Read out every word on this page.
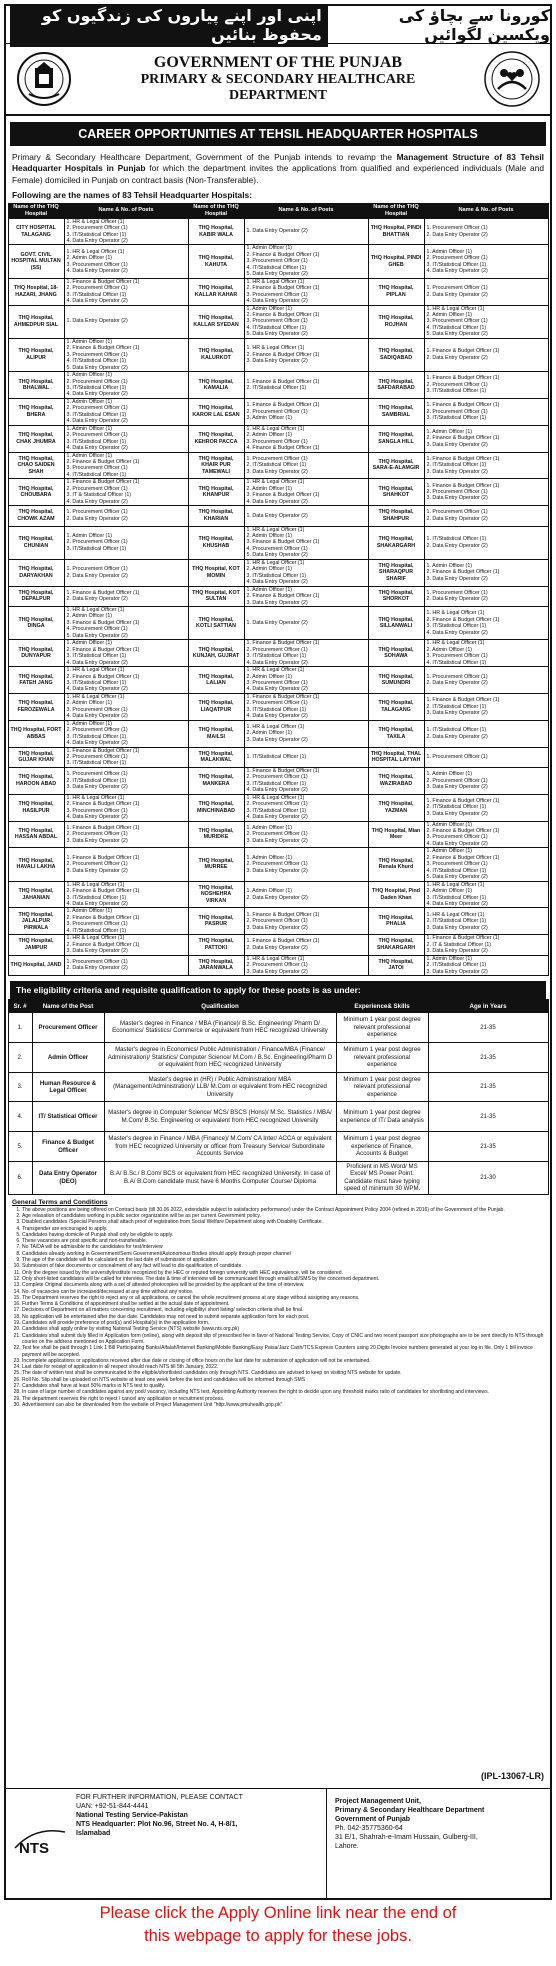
کورونا سے بچاؤ کی ویکسین لگوائیں
اپنی اور اپنے پیاروں کی زندگیوں کو محفوظ بنائیں
GOVERNMENT OF THE PUNJAB
PRIMARY & SECONDARY HEALTHCARE
DEPARTMENT
CAREER OPPORTUNITIES AT TEHSIL HEADQUARTER HOSPITALS
Primary & Secondary Healthcare Department, Government of the Punjab intends to revamp the Management Structure of 83 Tehsil Headquarter Hospitals in Punjab for which the department invites the applications from qualified and experienced individuals (Male and Female) domiciled in Punjab on contract basis (Non-Transferable).
Following are the names of 83 Tehsil Headquarter Hospitals:
Name of the THQ Hospital	Name & No. of Posts	Name of the THQ Hospital	Name & No. of Posts	Name of the THQ Hospital	Name & No. of Posts
CITY HOSPITAL TALAGANG	1. HR & Legal Officer (1)
2. Procurement Officer (1)
3. IT/Statistical Officer (1)
4. Data Entry Operator (2)	THQ Hospital, KABIR WALA	1. Data Entry Operator (2)	THQ Hospital, PINDI BHATTIAN	1. Procurement Officer (1)
2. Data Entry Operator (2)
GOVT. CIVIL HOSPITAL MULTAN (SS)	1. HR & Legal Officer (1)
2. Admin Officer (1)
3. Procurement Officer (1)
4. Data Entry Operator (2)	THQ Hospital, KAHUTA	1. Admin Officer (1)
2. Finance & Budget Officer (1)
3. Procurement Officer (1)
4. IT/Statistical Officer (1)
5. Data Entry Operator (2)	THQ Hospital, PINDI GHEB	1. Admin Officer (1)
2. Procurement Officer (1)
3. IT/Statistical Officer (1)
4. Data Entry Operator (2)
THQ Hospital, 18-HAZARI, JHANG	1. Finance & Budget Officer (1)
2. Procurement Officer (1)
3. IT/Statistical Officer (1)
4. Data Entry Operator (2)	THQ Hospital, KALLAR KAHAR	1. HR & Legal Officer (1)
2. Finance & Budget Officer (1)
3. Procurement Officer (1)
4. Data Entry Operator (2)	THQ Hospital, PIPLAN	1. Procurement Officer (1)
2. Data Entry Operator (2)
THQ Hospital, AHMEDPUR SIAL	1. Data Entry Operator (2)	THQ Hospital, KALLAR SYEDAN	1. Admin Officer (1)
2. Finance & Budget Officer (1)
3. Procurement Officer (1)
4. IT/Statistical Officer (1)
5. Data Entry Operator (2)	THQ Hospital, ROJHAN	1. HR & Legal Officer (1)
2. Admin Officer (1)
3. Procurement Officer (1)
4. IT/Statistical Officer (1)
5. Data Entry Operator (2)
THQ Hospital, ALIPUR	1. Admin Officer (1)
2. Finance & Budget Officer (1)
3. Procurement Officer (1)
4. IT/Statistical Officer (1)
5. Data Entry Operator (2)	THQ Hospital, KALURKOT	1. HR & Legal Officer (1)
2. Finance & Budget Officer (1)
3. Data Entry Operator (2)	THQ Hospital, SADIQABAD	1. Finance & Budget Officer (1)
2. Data Entry Operator (2)
THQ Hospital, BHALWAL	1. Admin Officer (1)
2. Procurement Officer (1)
3. IT/Statistical Officer (1)
4. Data Entry Operator (2)	THQ Hospital, KAMALIA	1. Finance & Budget Officer (1)
2. IT/Statistical Officer (1)	THQ Hospital, SAFDARABAD	1. Finance & Budget Officer (1)
2. Procurement Officer (1)
3. IT/Statistical Officer (1)
THQ Hospital, BHERA	1. Admin Officer (1)
2. Procurement Officer (1)
3. IT/Statistical Officer (1)
4. Data Entry Operator (2)	THQ Hospital, KAROR LAL ESAN	1. Finance & Budget Officer (1)
2. Procurement Officer (1)
3. Admin Officer (1)	THQ Hospital, SAMBRIAL	1. Finance & Budget Officer (1)
2. Procurement Officer (1)
3. IT/Statistical Officer (1)
THQ Hospital, CHAK JHUMRA	1. Admin Officer (1)
2. Procurement Officer (1)
3. IT/Statistical Officer (1)
4. Data Entry Operator (2)	THQ Hospital, KEHROR PACCA	1. HR & Legal Officer (1)
2. Admin Officer (1)
3. Procurement Officer (1)
4. Finance & Budget Officer (1)	THQ Hospital, SANGLA HILL	1. Admin Officer (1)
2. Finance & Budget Officer (1)
3. Data Entry Operator (2)
THQ Hospital, CHAO SAIDEN SHAH	1. Admin Officer (1)
2. Finance & Budget Officer (1)
3. Procurement Officer (1)
4. IT/Statistical Officer (1)	THQ Hospital, KHAIR PUR TAMEWALI	1. Procurement Officer (1)
2. IT/Statistical Officer (1)
3. Data Entry Operator (2)	THQ Hospital, SARA-E-ALAMGIR	1. Finance & Budget Officer (1)
2. IT/Statistical Officer (1)
3. Data Entry Operator (2)
THQ Hospital, CHOUBARA	1. Finance & Budget Officer (1)
2. Procurement Officer (1)
3. IT & Statistical Officer (1)
4. Data Entry Operator (2)	THQ Hospital, KHANPUR	1. HR & Legal Officer (1)
2. Admin Officer (1)
3. Finance & Budget Officer (1)
4. Data Entry Operator (2)	THQ Hospital, SHAHKOT	1. Finance & Budget Officer (1)
2. Procurement Officer (1)
3. Data Entry Operator (2)
THQ Hospital, CHOWK AZAM	1. Procurement Officer (1)
2. Data Entry Operator (2)	THQ Hospital, KHARIAN	1. Data Entry Operator (2)	THQ Hospital, SHAHPUR	1. Procurement Officer (1)
2. Data Entry Operator (2)
THQ Hospital, CHUNIAN	1. Admin Officer (1)
2. Procurement Officer (1)
3. IT/Statistical Officer (1)	THQ Hospital, KHUSHAB	1. HR & Legal Officer (1)
2. Admin Officer (1)
3. Finance & Budget Officer (1)
4. Procurement Officer (1)
5. Data Entry Operator (2)	THQ Hospital, SHAKARGARH	1. IT/Statistical Officer (1)
2. Data Entry Operator (2)
THQ Hospital, DARYAKHAN	1. Procurement Officer (1)
2. Data Entry Operator (2)	THQ Hospital, KOT MOMIN	1. HR & Legal Officer (1)
2. Admin Officer (1)
3. IT/Statistical Officer (1)
4. Data Entry Operator (2)	THQ Hospital, SHARAQPUR SHARIF	1. Admin Officer (1)
2. Finance & Budget Officer (1)
3. Data Entry Operator (2)
THQ Hospital, DEPALPUR	1. Finance & Budget Officer (1)
2. Data Entry Operator (2)	THQ Hospital, KOT SULTAN	1. Admin Officer (1)
2. Finance & Budget Officer (1)
3. Data Entry Operator (2)	THQ Hospital, SHORKOT	1. Procurement Officer (1)
2. Data Entry Operator (2)
THQ Hospital, DINGA	1. HR & Legal Officer (1)
2. Admin Officer (1)
3. Finance & Budget Officer (1)
4. Procurement Officer (1)
5. Data Entry Operator (2)	THQ Hospital, KOTLI SATTIAN	1. Data Entry Operator (2)	THQ Hospital, SILLANWALI	1. HR & Legal Officer (1)
2. Finance & Budget Officer (1)
3. IT/Statistical Officer (1)
4. Data Entry Operator (2)
THQ Hospital, DUNYAPUR	1. Admin Officer (1)
2. Finance & Budget Officer (1)
3. IT/Statistical Officer (1)
4. Data Entry Operator (2)	THQ Hospital, KUNJAH, GUJRAT	1. Finance & Budget Officer (1)
2. Procurement Officer (1)
3. IT/Statistical Officer (1)
4. Data Entry Operator (2)	THQ Hospital, SOHAWA	1. HR & Legal Officer (1)
2. Admin Officer (1)
3. Procurement Officer (1)
4. IT/Statistical Officer (1)
THQ Hospital, FATEH JANG	1. HR & Legal Officer (1)
2. Finance & Budget Officer (1)
3. IT/Statistical Officer (1)
4. Data Entry Operator (2)	THQ Hospital, LALIAN	1. HR & Legal Officer (1)
2. Admin Officer (1)
3. Procurement Officer (1)
4. Data Entry Operator (2)	THQ Hospital, SUMUNDRI	1. Procurement Officer (1)
2. Data Entry Operator (2)
THQ Hospital, FEROZEWALA	1. HR & Legal Officer (1)
2. Admin Officer (1)
3. Procurement Officer (1)
4. Data Entry Operator (2)	THQ Hospital, LIAQATPUR	1. Finance & Budget Officer (1)
2. Procurement Officer (1)
3. IT/Statistical Officer (1)
4. Data Entry Operator (2)	THQ Hospital, TALAGANG	1. Finance & Budget Officer (1)
2. IT/Statistical Officer (1)
3. Data Entry Operator (2)
THQ Hospital, FORT ABBAS	1. Admin Officer (1)
2. Procurement Officer (1)
3. IT/Statistical Officer (1)
4. Data Entry Operator (2)	THQ Hospital, MAILSI	1. HR & Legal Officer (1)
2. Admin Officer (1)
3. Data Entry Operator (2)	THQ Hospital, TAXILA	1. IT/Statistical Officer (1)
2. Data Entry Operator (2)
THQ Hospital, GUJAR KHAN	1. Finance & Budget Officer (1)
2. Procurement Officer (1)
3. IT/Statistical Officer (1)	THQ Hospital, MALAKWAL	1. IT/Statistical Officer (1)	THQ Hospital, THAL HOSPITAL LAYYAH	1. Procurement Officer (1)
THQ Hospital, HAROON ABAD	1. Procurement Officer (1)
2. IT/Statistical Officer (1)
3. Data Entry Operator (2)	THQ Hospital, MANKERA	1. Finance & Budget Officer (1)
2. Procurement Officer (1)
3. IT/Statistical Officer (1)
4. Data Entry Operator (2)	THQ Hospital, WAZIRABAD	1. Admin Officer (1)
2. Procurement Officer (1)
3. Data Entry Operator (2)
THQ Hospital, HASILPUR	1. HR & Legal Officer (1)
2. Finance & Budget Officer (1)
3. Procurement Officer (1)
4. Data Entry Operator (2)	THQ Hospital, MINCHINABAD	1. HR & Legal Officer (1)
2. Procurement Officer (1)
3. IT/Statistical Officer (1)
4. Data Entry Operator (2)	THQ Hospital, YAZMAN	1. Finance & Budget Officer (1)
2. IT/Statistical Officer (1)
3. Data Entry Operator (2)
THQ Hospital, HASSAN ABDAL	1. Finance & Budget Officer (1)
2. Procurement Officer (1)
3. Data Entry Operator (2)	THQ Hospital, MURIDKE	1. Admin Officer (1)
2. Procurement Officer (1)
3. Data Entry Operator (2)	THQ Hospital, Mian Meer	1. Admin Officer (1)
2. Finance & Budget Officer (1)
3. Procurement Officer (1)
4. Data Entry Operator (2)
THQ Hospital, HAVALI LAKHA	1. Finance & Budget Officer (1)
2. Procurement Officer (1)
3. Data Entry Operator (2)	THQ Hospital, MURREE	1. Admin Officer (1)
2. Procurement Officer (1)
3. Data Entry Operator (2)	THQ Hospital, Renala Khurd	1. Admin Officer (1)
2. Finance & Budget Officer (1)
3. Procurement Officer (1)
4. IT/Statistical Officer (1)
5. Data Entry Operator (2)
THQ Hospital, JAHANIAN	1. HR & Legal Officer (1)
2. Finance & Budget Officer (1)
3. IT/Statistical Officer (1)
4. Data Entry Operator (2)	THQ Hospital, NOSHEHRA VIRKAN	1. Admin Officer (1)
2. Data Entry Operator (2)	THQ Hospital, Pind Daden Khan	1. HR & Legal Officer (1)
2. Admin Officer (1)
3. IT/Statistical Officer (1)
4. Data Entry Operator (2)
THQ Hospital, JALALPUR PIRWALA	1. Admin Officer (1)
2. Finance & Budget Officer (1)
3. Procurement Officer (1)
4. IT/Statistical Officer (1)	THQ Hospital, PASRUR	1. Finance & Budget Officer (1)
2. Procurement Officer (1)
3. Data Entry Operator (2)	THQ Hospital, PHALIA	1. HR & Legal Officer (1)
2. IT/Statistical Officer (1)
3. Data Entry Operator (2)
THQ Hospital, JAMPUR	1. HR & Legal Officer (1)
2. Finance & Budget Officer (1)
3. Data Entry Operator (2)	THQ Hospital, PATTOKI	1. Finance & Budget Officer (1)
2. Data Entry Operator (2)	THQ Hospital, SHAKARGARH	1. Finance & Budget Officer (1)
2. IT & Statistical Officer (1)
3. Data Entry Operator (2)
THQ Hospital, JAND	1. Procurement Officer (1)
2. Data Entry Operator (2)	THQ Hospital, JARANWALA	1. HR & Legal Officer (1)
2. Procurement Officer (1)
3. Data Entry Operator (2)	THQ Hospital, JATOI	1. Admin Officer (1)
2. IT/Statistical Officer (1)
3. Data Entry Operator (2)
The eligibility criteria and requisite qualification to apply for these posts is as under:
Sr. #	Name of the Post	Qualification	Experience& Skills	Age in Years
1.	Procurement Officer	Master's degree in Finance / MBA (Finance)/ B.Sc. Engineering/ Pharm D/ Economics/ Statistics/ Commerce or equivalent from HEC recognized University	Minimum 1 year post degree relevant professional experience	21-35
2.	Admin Officer	Master's degree in Economics/ Public Administration / Finance/MBA (Finance/ Administration)/ Statistics/ Computer Science/ M.Com / B.Sc. Engineering/Pharm D or equivalent from HEC recognized University	Minimum 1 year post degree relevant professional experience	21-35
3.	Human Resource & Legal Officer	Master's degree in (HR) / Public Administration/ MBA (Management/Administration)/ LLB/ M.Com or equivalent from HEC recognized University	Minimum 1 year post degree relevant professional experience	21-35
4.	IT/ Statistical Officer	Master's degree in Computer Science/ MCS/ BSCS (Hons)/ M.Sc. Statistics / MBA/ M.Com/ B.Sc. Engineering or equivalent from HEC recognized University	Minimum 1 year post degree experience of IT/ Data analysis	21-35
5.	Finance & Budget Officer	Master's degree in Finance / MBA (Finance)/ M.Com/ CA Inter/ ACCA or equivalent from HEC recognized University or officer from Treasury Service/ Subordinate Accounts Service	Minimum 1 year post degree experience of Finance, Accounts & Budget	21-35
6.	Data Entry Operator (DEO)	B.A/ B.Sc./ B.Com/ BCS or equivalent from HEC recognized University. In case of B.A/ B.Com candidate must have 6 Months Computer Course/ Diploma	Proficient in MS Word/ MS Excel/ MS Power Point. Candidate must have typing speed of minimum 30 WPM.	21-30
General Terms and Conditions
1. The above positions are being offered on Contract basis (till 30.06.2022, extendable subject to satisfactory performance) under the Contract Appointment Policy 2004 (refined in 2016) of the Government of the Punjab.
2. Age relaxation of candidates working in public sector organization will be as per current Government policy.
3. Disabled candidates /Special Persons shall attach proof of registration from Social Welfare Department along with Disability Certificate.
4. Transgender are encouraged to apply.
5. Candidates having domicile of Punjab shall only be eligible to apply.
6. These vacancies are post specific and non-transferable.
7. No TA/DA will be admissible to the candidates for test/interview
8. Candidates already working in Government/Semi Government/Autonomous Bodies should apply through proper channel
9. The age of the candidate will be calculated on the last date of submission of application.
10. Submission of fake documents or concealment of any fact will lead to dis-qualification of candidate.
11. Only the degree issued by the university/institute recognized by the HEC or reputed foreign university with HEC equivalence, will be considered.
12. Only short-listed candidates will be called for interview. The date & time of interview will be communicated through email/call/SMS by the concerned department.
13. Complete Original documents along with a set of attested photocopies will be provided by the applicant at the time of interview.
14. No. of vacancies can be increased/decreased at any time without any notice.
15. The Department reserves the right to reject any or all applications, or cancel the whole recruitment process at any stage without assigning any reasons.
16. Further Terms & Conditions of appointment shall be settled at the actual date of appointment.
17. Decisions of Department on all matters concerning recruitment, including eligibility/ short listing/ selection criteria shall be final.
18. No application will be entertained after the due date. Candidates may not need to submit separate application form for each post.
19. Candidates will provide preference of post(s) and Hospital(s) in the application form.
20. Candidates shall apply online by visiting National Testing Service (NTS) website (www.nts.org.pk)
21. Candidates shall submit duly filled in Application form (online), along with deposit slip of prescribed fee in favor of National Testing Service, Copy of CNIC and two recent passport size photographs are to be sent directly to NTS through courier on the address mentioned on Application Form.
22. Test fee shall be paid through 1 Link 1 Bill Participating Banks/Alfalah/Internet Banking/Mobile Banking/Easy Paisa/Jazz Cash/TCS Express Counters using 20 Digits Invoice numbers generated at your log-in file. Only 1 bill invoice payment will be accepted.
23. Incomplete applications or applications received after due date or closing of office hours on the last date for submission of application will not be entertained.
24. Last date for receipt of application in all respect should reach NTS till 5th January, 2022.
25. The date of written test shall be communicated to the eligible/shortlisted candidates only through NTS. Candidates are advised to keep on visiting NTS website for update.
26. Roll No. Slip shall be uploaded on NTS website at least one week before the test and candidates will be informed through SMS
27. Candidates shall have at least 50% marks in NTS test to qualify.
28. In case of large number of candidates against any post/ vacancy, including NTS test, Appointing Authority reserves the right to decide upon any threshold marks ratio of candidates for shortlisting and interviews.
29. The department reserves the right to reject / cancel any application or recruitment process.
30. Advertisement can also be downloaded from the website of Project Management Unit "http://www.pmuhealth.gop.pk"
(IPL-13067-LR)
NTS
FOR FURTHER INFORMATION, PLEASE CONTACT
UAN: +92-51-844-4441
National Testing Service-Pakistan
NTS Headquarter: Plot No.96, Street No. 4, H-8/1,
Islamabad
Project Management Unit,
Primary & Secondary Healthcare Department
Government of Punjab
Ph. 042-35775360-64
31 E/1, Shahrah-e-Imam Hussain, Gulberg-III,
Lahore.
Please click the Apply Online link near the end of
this webpage to apply for these jobs.
